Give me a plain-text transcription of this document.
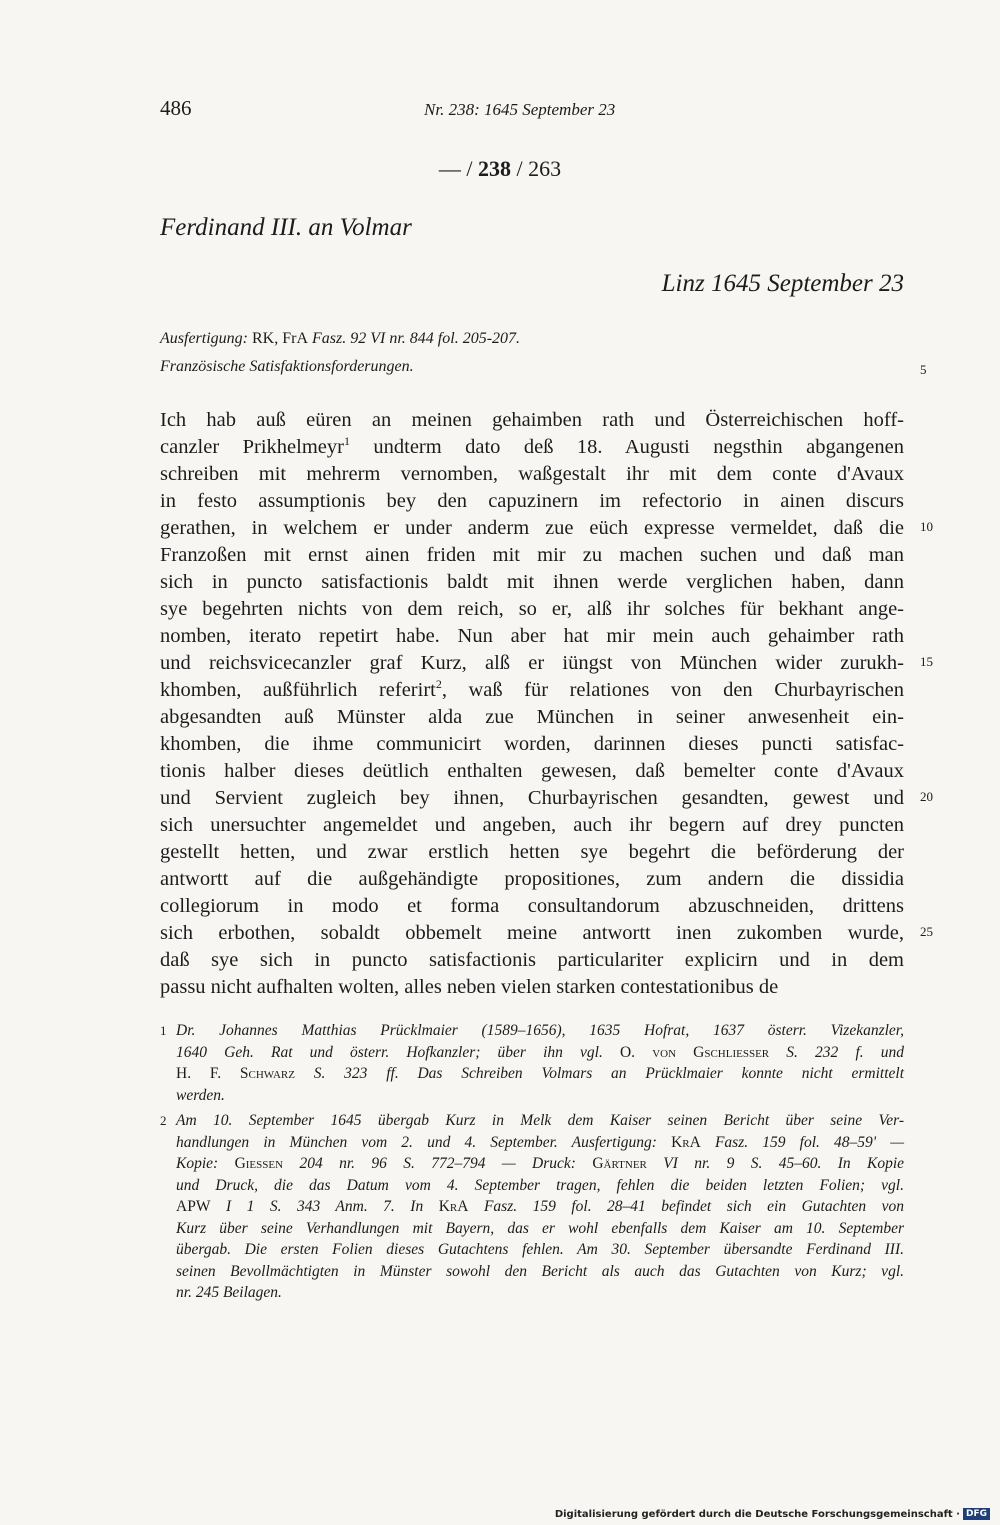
486	Nr. 238: 1645 September 23
— / 238 / 263
Ferdinand III. an Volmar
Linz 1645 September 23
Ausfertigung: RK, FrA Fasz. 92 VI nr. 844 fol. 205-207.
Französische Satisfaktionsforderungen.
Ich hab auß eüren an meinen gehaimben rath und Österreichischen hoff-
canzler Prikhelmeyr$^1$ undterm dato deß 18. Augusti negsthin abgangenen
schreiben mit mehrerm vernomben, waßgestalt ihr mit dem conte d'Avaux
in festo assumptionis bey den capuzinern im refectorio in ainen discurs
gerathen, in welchem er under anderm zue eüch expresse vermeldet, daß die
Franzoßen mit ernst ainen friden mit mir zu machen suchen und daß man
sich in puncto satisfactionis baldt mit ihnen werde verglichen haben, dann
sye begehrten nichts von dem reich, so er, alß ihr solches für bekhant ange-
nomben, iterato repetirt habe. Nun aber hat mir mein auch gehaimber rath
und reichsvicecanzler graf Kurz, alß er iüngst von München wider zurukh-
khomben, außführlich referirt$^2$, waß für relationes von den Churbayrischen
abgesandten auß Münster alda zue München in seiner anwesenheit ein-
khomben, die ihme communicirt worden, darinnen dieses puncti satisfac-
tionis halber dieses deütlich enthalten gewesen, daß bemelter conte d'Avaux
und Servient zugleich bey ihnen, Churbayrischen gesandten, gewest und
sich unersuchter angemeldet und angeben, auch ihr begern auf drey puncten
gestellt hetten, und zwar erstlich hetten sye begehrt die beförderung der
antwortt auf die außgehändigte propositiones, zum andern die dissidia
collegiorum in modo et forma consultandorum abzuschneiden, drittens
sich erbothen, sobaldt obbemelt meine antwortt inen zukomben wurde,
daß sye sich in puncto satisfactionis particulariter explicirn und in dem
passu nicht aufhalten wolten, alles neben vielen starken contestationibus de
5
10
15
20
25
1 Dr. Johannes Matthias Prücklmaier (1589–1656), 1635 Hofrat, 1637 österr. Vizekanzler,
1640 Geh. Rat und österr. Hofkanzler; über ihn vgl. O. von Gschliesser S. 232 f. und
H. F. Schwarz S. 323 ff. Das Schreiben Volmars an Prücklmaier konnte nicht ermittelt
werden.
2 Am 10. September 1645 übergab Kurz in Melk dem Kaiser seinen Bericht über seine Ver-
handlungen in München vom 2. und 4. September. Ausfertigung: KrA Fasz. 159 fol. 48–59' —
Kopie: Giessen 204 nr. 96 S. 772–794 — Druck: Gärtner VI nr. 9 S. 45–60. In Kopie
und Druck, die das Datum vom 4. September tragen, fehlen die beiden letzten Folien; vgl.
APW I 1 S. 343 Anm. 7. In KrA Fasz. 159 fol. 28–41 befindet sich ein Gutachten von
Kurz über seine Verhandlungen mit Bayern, das er wohl ebenfalls dem Kaiser am 10. September
übergab. Die ersten Folien dieses Gutachtens fehlen. Am 30. September übersandte Ferdinand III.
seinen Bevollmächtigten in Münster sowohl den Bericht als auch das Gutachten von Kurz; vgl.
nr. 245 Beilagen.
Digitalisierung gefördert durch die Deutsche Forschungsgemeinschaft · DFG
